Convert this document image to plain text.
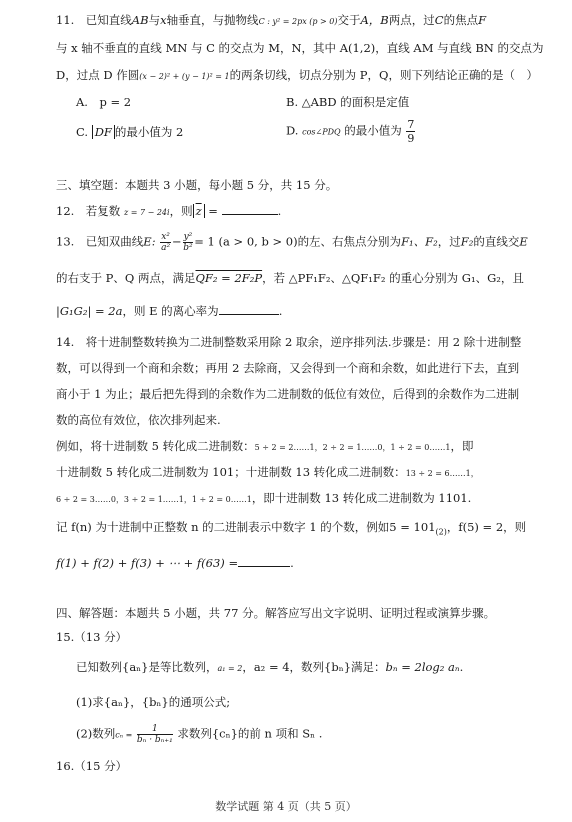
11.　已知直线AB与x轴垂直，与抛物线C : y² = 2px (p > 0)交于A，B两点，过C的焦点F
与 x 轴不垂直的直线 MN 与 C 的交点为 M，N，其中 A(1,2)，直线 AM 与直线 BN 的交点为
D，过点 D 作圆(x − 2)² + (y − 1)² = 1的两条切线，切点分别为 P，Q，则下列结论正确的是（　）
A.　p = 2	B. △ABD 的面积是定值
C. DF 的最小值为 2	D. cos∠PDQ 的最小值为 $\frac{7}{9}$
三、填空题：本题共 3 小题，每小题 5 分，共 15 分。
12.　若复数 z = 7 − 24i，则 $\overline{z}$ =	.
13.　已知双曲线E: $\frac{\text{x²}}{\text{a²}} - \frac{\text{y²}}{\text{b²}} = 1$ (a > 0, b > 0)的左、右焦点分别为F₁、F₂，过F₂的直线交E
的右支于 P、Q 两点，满足QF₂ = 2F₂P，若 △PF₁F₂、△QF₁F₂ 的重心分别为 G₁、G₂，且
|G₁G₂| = 2a，则 E 的离心率为	.
14.　将十进制整数转换为二进制整数采用除 2 取余，逆序排列法.步骤是：用 2 除十进制整
数，可以得到一个商和余数；再用 2 去除商，又会得到一个商和余数，如此进行下去，直到
商小于 1 为止；最后把先得到的余数作为二进制数的低位有效位，后得到的余数作为二进制
数的高位有效位，依次排列起来.
例如，将十进制数 5 转化成二进制数：5 ÷ 2 = 2……1，2 ÷ 2 = 1……0，1 ÷ 2 = 0……1，即
十进制数 5 转化成二进制数为 101；十进制数 13 转化成二进制数：13 ÷ 2 = 6……1，
6 ÷ 2 = 3……0，3 ÷ 2 = 1……1，1 ÷ 2 = 0……1，即十进制数 13 转化成二进制数为 1101.
记 f(n) 为十进制中正整数 n 的二进制表示中数字 1 的个数，例如$5 = 101_{(2)}$，f(5) = 2，则
f(1) + f(2) + f(3) + ⋯ + f(63) =	.
四、解答题：本题共 5 小题，共 77 分。解答应写出文字说明、证明过程或演算步骤。
15.（13 分）
已知数列{aₙ}是等比数列，a₁ = 2，a₂ = 4，数列{bₙ}满足：bₙ = 2log₂ aₙ.
(1)求{aₙ}，{bₙ}的通项公式;
(2)数列$c_n = \frac{1}{\text{bₙ · bₙ₊₁}}$ 求数列{cₙ}的前 n 项和 Sₙ .
16.（15 分）
数学试题 第 4 页（共 5 页）
